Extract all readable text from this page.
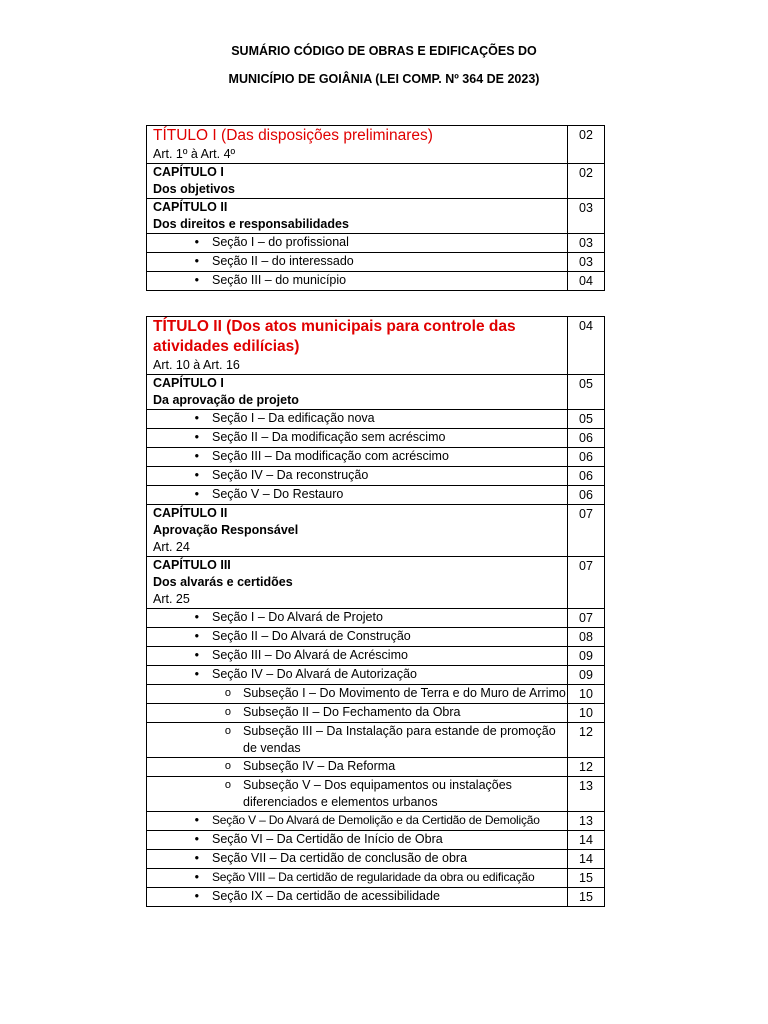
SUMÁRIO CÓDIGO DE OBRAS E EDIFICAÇÕES DO
MUNICÍPIO DE GOIÂNIA (LEI COMP. Nº 364 DE 2023)
TÍTULO I (Das disposições preliminares)
Art. 1º à Art. 4º	02

CAPÍTULO I
Dos objetivos	02

CAPÍTULO II
Dos direitos e responsabilidades	03

• Seção I – do profissional	03

• Seção II – do interessado	03

• Seção III – do município	04
TÍTULO II (Dos atos municipais para controle das atividades edilícias)
Art. 10 à Art. 16	04

CAPÍTULO I
Da aprovação de projeto	05

• Seção I – Da edificação nova	05

• Seção II – Da modificação sem acréscimo	06

• Seção III – Da modificação com acréscimo	06

• Seção IV – Da reconstrução	06

• Seção V – Do Restauro	06

CAPÍTULO II
Aprovação Responsável
Art. 24	07

CAPÍTULO III
Dos alvarás e certidões
Art. 25	07

• Seção I – Do Alvará de Projeto	07

• Seção II – Do Alvará de Construção	08

• Seção III – Do Alvará de Acréscimo	09

• Seção IV – Do Alvará de Autorização	09

o Subseção I – Do Movimento de Terra e do Muro de Arrimo	10

o Subseção II – Do Fechamento da Obra	10

o Subseção III – Da Instalação para estande de promoção de vendas	12

o Subseção IV – Da Reforma	12

o Subseção V – Dos equipamentos ou instalações diferenciados e elementos urbanos	13

• Seção V – Do Alvará de Demolição e da Certidão de Demolição	13

• Seção VI – Da Certidão de Início de Obra	14

• Seção VII – Da certidão de conclusão de obra	14

• Seção VIII – Da certidão de regularidade da obra ou edificação	15

• Seção IX – Da certidão de acessibilidade	15
